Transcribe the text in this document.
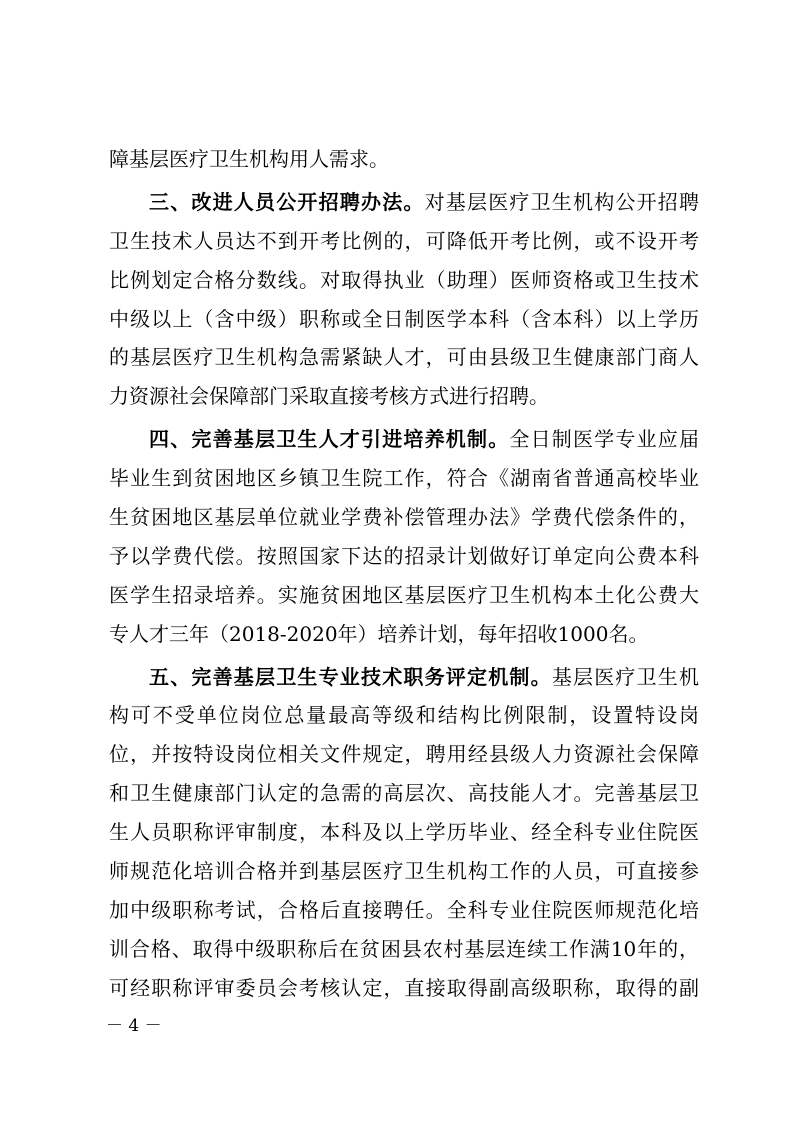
障基层医疗卫生机构用人需求。
三、改进人员公开招聘办法。对基层医疗卫生机构公开招聘
卫生技术人员达不到开考比例的，可降低开考比例，或不设开考
比例划定合格分数线。对取得执业（助理）医师资格或卫生技术
中级以上（含中级）职称或全日制医学本科（含本科）以上学历
的基层医疗卫生机构急需紧缺人才，可由县级卫生健康部门商人
力资源社会保障部门采取直接考核方式进行招聘。
四、完善基层卫生人才引进培养机制。全日制医学专业应届
毕业生到贫困地区乡镇卫生院工作，符合《湖南省普通高校毕业
生贫困地区基层单位就业学费补偿管理办法》学费代偿条件的，
予以学费代偿。按照国家下达的招录计划做好订单定向公费本科
医学生招录培养。实施贫困地区基层医疗卫生机构本土化公费大
专人才三年（2018-2020年）培养计划，每年招收1000名。
五、完善基层卫生专业技术职务评定机制。基层医疗卫生机
构可不受单位岗位总量最高等级和结构比例限制，设置特设岗
位，并按特设岗位相关文件规定，聘用经县级人力资源社会保障
和卫生健康部门认定的急需的高层次、高技能人才。完善基层卫
生人员职称评审制度，本科及以上学历毕业、经全科专业住院医
师规范化培训合格并到基层医疗卫生机构工作的人员，可直接参
加中级职称考试，合格后直接聘任。全科专业住院医师规范化培
训合格、取得中级职称后在贫困县农村基层连续工作满10年的，
可经职称评审委员会考核认定，直接取得副高级职称，取得的副
－ 4 －
